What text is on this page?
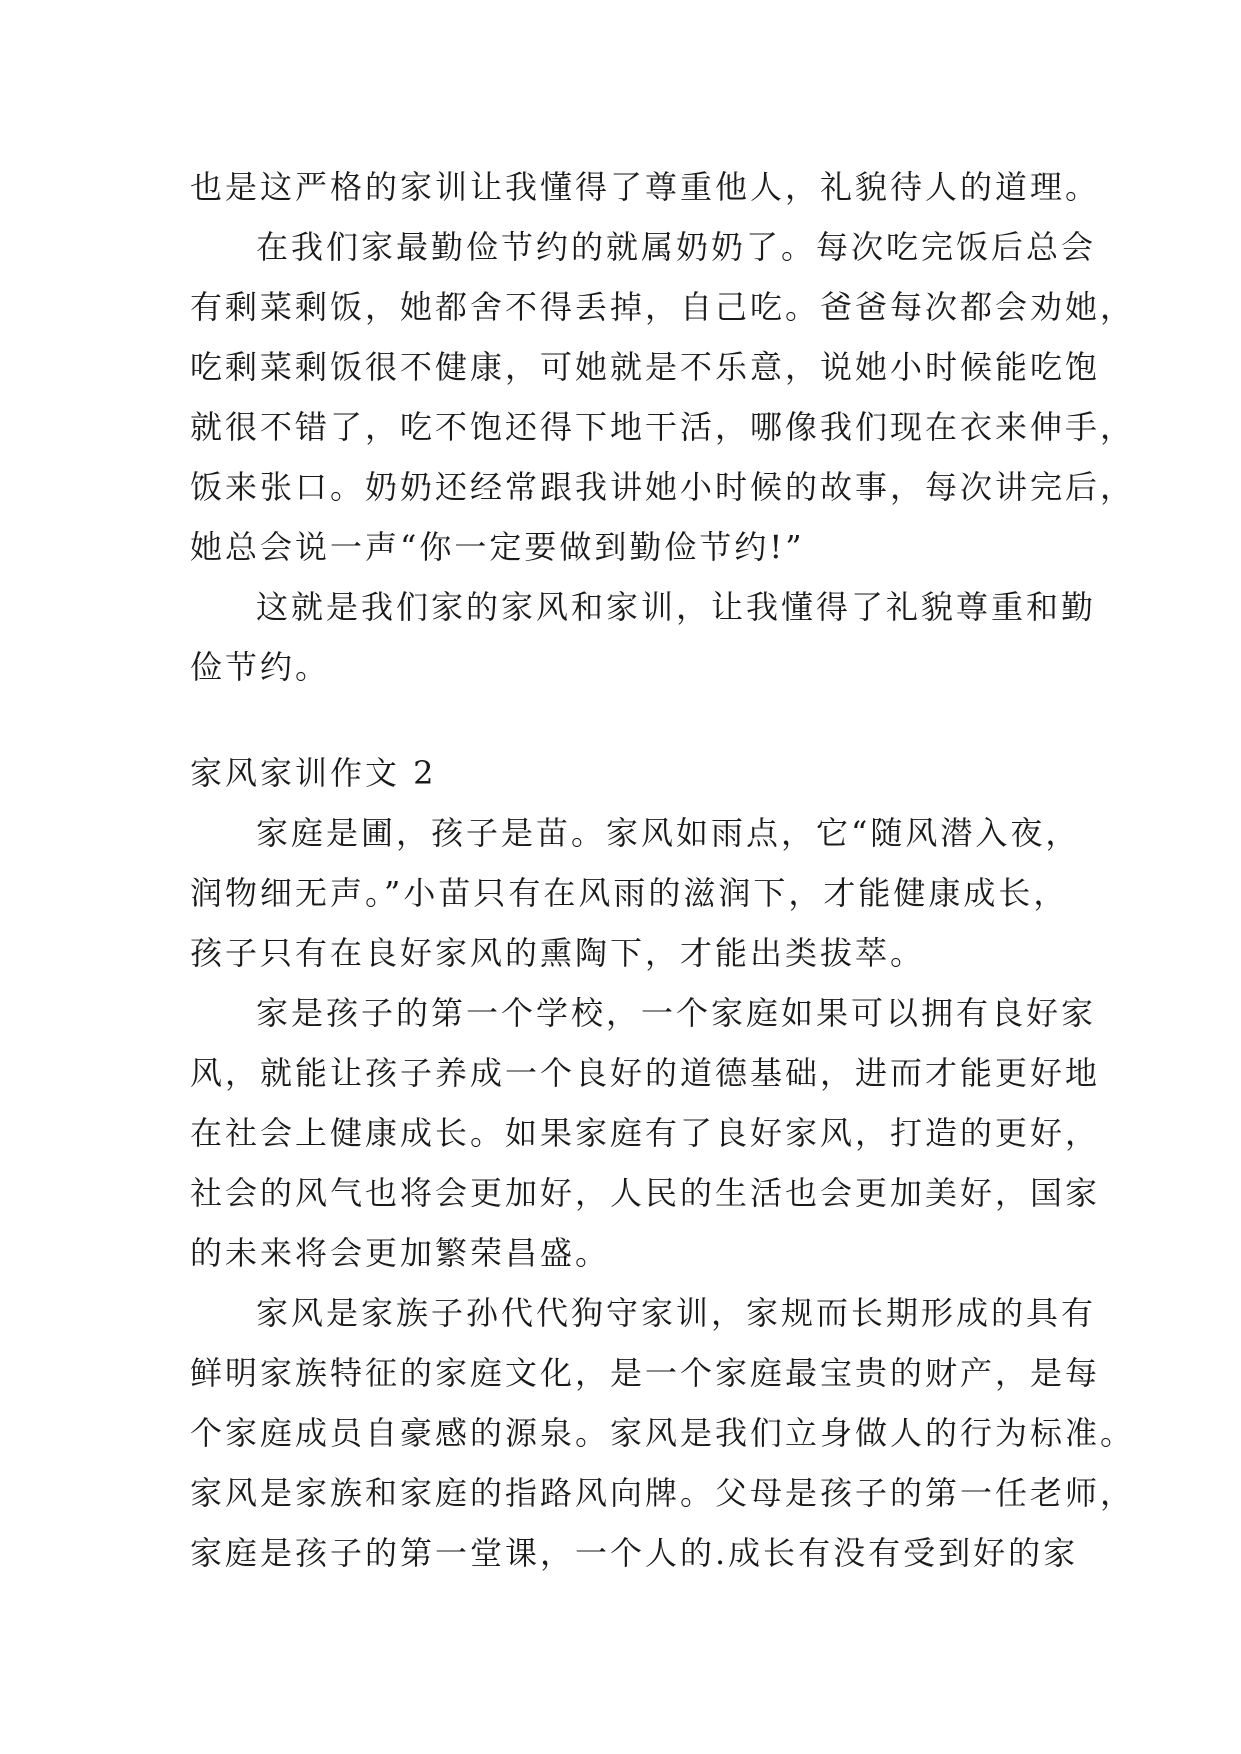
也是这严格的家训让我懂得了尊重他人，礼貌待人的道理。
在我们家最勤俭节约的就属奶奶了。每次吃完饭后总会
有剩菜剩饭，她都舍不得丢掉，自己吃。爸爸每次都会劝她，
吃剩菜剩饭很不健康，可她就是不乐意，说她小时候能吃饱
就很不错了，吃不饱还得下地干活，哪像我们现在衣来伸手，
饭来张口。奶奶还经常跟我讲她小时候的故事，每次讲完后，
她总会说一声“你一定要做到勤俭节约!”
这就是我们家的家风和家训，让我懂得了礼貌尊重和勤
俭节约。
家风家训作文 2
家庭是圃，孩子是苗。家风如雨点，它“随风潜入夜，
润物细无声。”小苗只有在风雨的滋润下，才能健康成长，
孩子只有在良好家风的熏陶下，才能出类拔萃。
家是孩子的第一个学校，一个家庭如果可以拥有良好家
风，就能让孩子养成一个良好的道德基础，进而才能更好地
在社会上健康成长。如果家庭有了良好家风，打造的更好，
社会的风气也将会更加好，人民的生活也会更加美好，国家
的未来将会更加繁荣昌盛。
家风是家族子孙代代狗守家训，家规而长期形成的具有
鲜明家族特征的家庭文化，是一个家庭最宝贵的财产，是每
个家庭成员自豪感的源泉。家风是我们立身做人的行为标准。
家风是家族和家庭的指路风向牌。父母是孩子的第一任老师，
家庭是孩子的第一堂课，一个人的.成长有没有受到好的家
